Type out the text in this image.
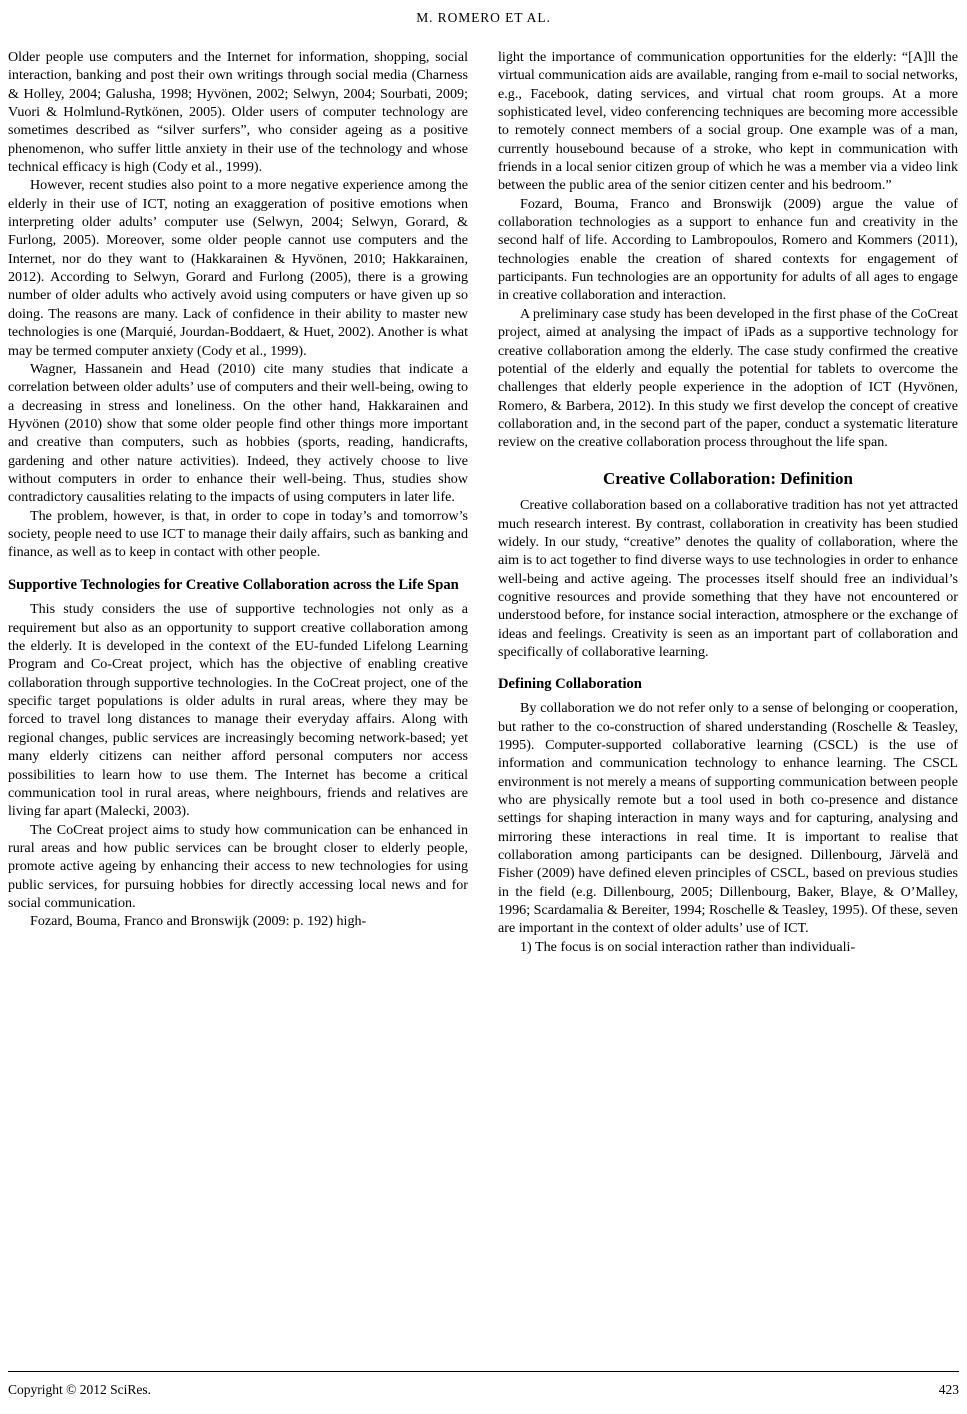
M. ROMERO ET AL.

Older people use computers and the Internet for information, shopping, social interaction, banking and post their own writings through social media (Charness & Holley, 2004; Galusha, 1998; Hyvönen, 2002; Selwyn, 2004; Sourbati, 2009; Vuori & Holmlund-Rytkönen, 2005). Older users of computer technology are sometimes described as “silver surfers”, who consider ageing as a positive phenomenon, who suffer little anxiety in their use of the technology and whose technical efficacy is high (Cody et al., 1999).

However, recent studies also point to a more negative experience among the elderly in their use of ICT, noting an exaggeration of positive emotions when interpreting older adults’ computer use (Selwyn, 2004; Selwyn, Gorard, & Furlong, 2005). Moreover, some older people cannot use computers and the Internet, nor do they want to (Hakkarainen & Hyvönen, 2010; Hakkarainen, 2012). According to Selwyn, Gorard and Furlong (2005), there is a growing number of older adults who actively avoid using computers or have given up so doing. The reasons are many. Lack of confidence in their ability to master new technologies is one (Marquié, Jourdan-Boddaert, & Huet, 2002). Another is what may be termed computer anxiety (Cody et al., 1999).

Wagner, Hassanein and Head (2010) cite many studies that indicate a correlation between older adults’ use of computers and their well-being, owing to a decreasing in stress and loneliness. On the other hand, Hakkarainen and Hyvönen (2010) show that some older people find other things more important and creative than computers, such as hobbies (sports, reading, handicrafts, gardening and other nature activities). Indeed, they actively choose to live without computers in order to enhance their well-being. Thus, studies show contradictory causalities relating to the impacts of using computers in later life.

The problem, however, is that, in order to cope in today’s and tomorrow’s society, people need to use ICT to manage their daily affairs, such as banking and finance, as well as to keep in contact with other people.

Supportive Technologies for Creative Collaboration across the Life Span

This study considers the use of supportive technologies not only as a requirement but also as an opportunity to support creative collaboration among the elderly. It is developed in the context of the EU-funded Lifelong Learning Program and Co-Creat project, which has the objective of enabling creative collaboration through supportive technologies. In the CoCreat project, one of the specific target populations is older adults in rural areas, where they may be forced to travel long distances to manage their everyday affairs. Along with regional changes, public services are increasingly becoming network-based; yet many elderly citizens can neither afford personal computers nor access possibilities to learn how to use them. The Internet has become a critical communication tool in rural areas, where neighbours, friends and relatives are living far apart (Malecki, 2003).

The CoCreat project aims to study how communication can be enhanced in rural areas and how public services can be brought closer to elderly people, promote active ageing by enhancing their access to new technologies for using public services, for pursuing hobbies for directly accessing local news and for social communication.

Fozard, Bouma, Franco and Bronswijk (2009: p. 192) high-

light the importance of communication opportunities for the elderly: “[A]ll the virtual communication aids are available, ranging from e-mail to social networks, e.g., Facebook, dating services, and virtual chat room groups. At a more sophisticated level, video conferencing techniques are becoming more accessible to remotely connect members of a social group. One example was of a man, currently housebound because of a stroke, who kept in communication with friends in a local senior citizen group of which he was a member via a video link between the public area of the senior citizen center and his bedroom.”

Fozard, Bouma, Franco and Bronswijk (2009) argue the value of collaboration technologies as a support to enhance fun and creativity in the second half of life. According to Lambropoulos, Romero and Kommers (2011), technologies enable the creation of shared contexts for engagement of participants. Fun technologies are an opportunity for adults of all ages to engage in creative collaboration and interaction.

A preliminary case study has been developed in the first phase of the CoCreat project, aimed at analysing the impact of iPads as a supportive technology for creative collaboration among the elderly. The case study confirmed the creative potential of the elderly and equally the potential for tablets to overcome the challenges that elderly people experience in the adoption of ICT (Hyvönen, Romero, & Barbera, 2012). In this study we first develop the concept of creative collaboration and, in the second part of the paper, conduct a systematic literature review on the creative collaboration process throughout the life span.

Creative Collaboration: Definition

Creative collaboration based on a collaborative tradition has not yet attracted much research interest. By contrast, collaboration in creativity has been studied widely. In our study, “creative” denotes the quality of collaboration, where the aim is to act together to find diverse ways to use technologies in order to enhance well-being and active ageing. The processes itself should free an individual’s cognitive resources and provide something that they have not encountered or understood before, for instance social interaction, atmosphere or the exchange of ideas and feelings. Creativity is seen as an important part of collaboration and specifically of collaborative learning.

Defining Collaboration

By collaboration we do not refer only to a sense of belonging or cooperation, but rather to the co-construction of shared understanding (Roschelle & Teasley, 1995). Computer-supported collaborative learning (CSCL) is the use of information and communication technology to enhance learning. The CSCL environment is not merely a means of supporting communication between people who are physically remote but a tool used in both co-presence and distance settings for shaping interaction in many ways and for capturing, analysing and mirroring these interactions in real time. It is important to realise that collaboration among participants can be designed. Dillenbourg, Järvelä and Fisher (2009) have defined eleven principles of CSCL, based on previous studies in the field (e.g. Dillenbourg, 2005; Dillenbourg, Baker, Blaye, & O’Malley, 1996; Scardamalia & Bereiter, 1994; Roschelle & Teasley, 1995). Of these, seven are important in the context of older adults’ use of ICT.

1) The focus is on social interaction rather than individuali-

Copyright © 2012 SciRes.	423
